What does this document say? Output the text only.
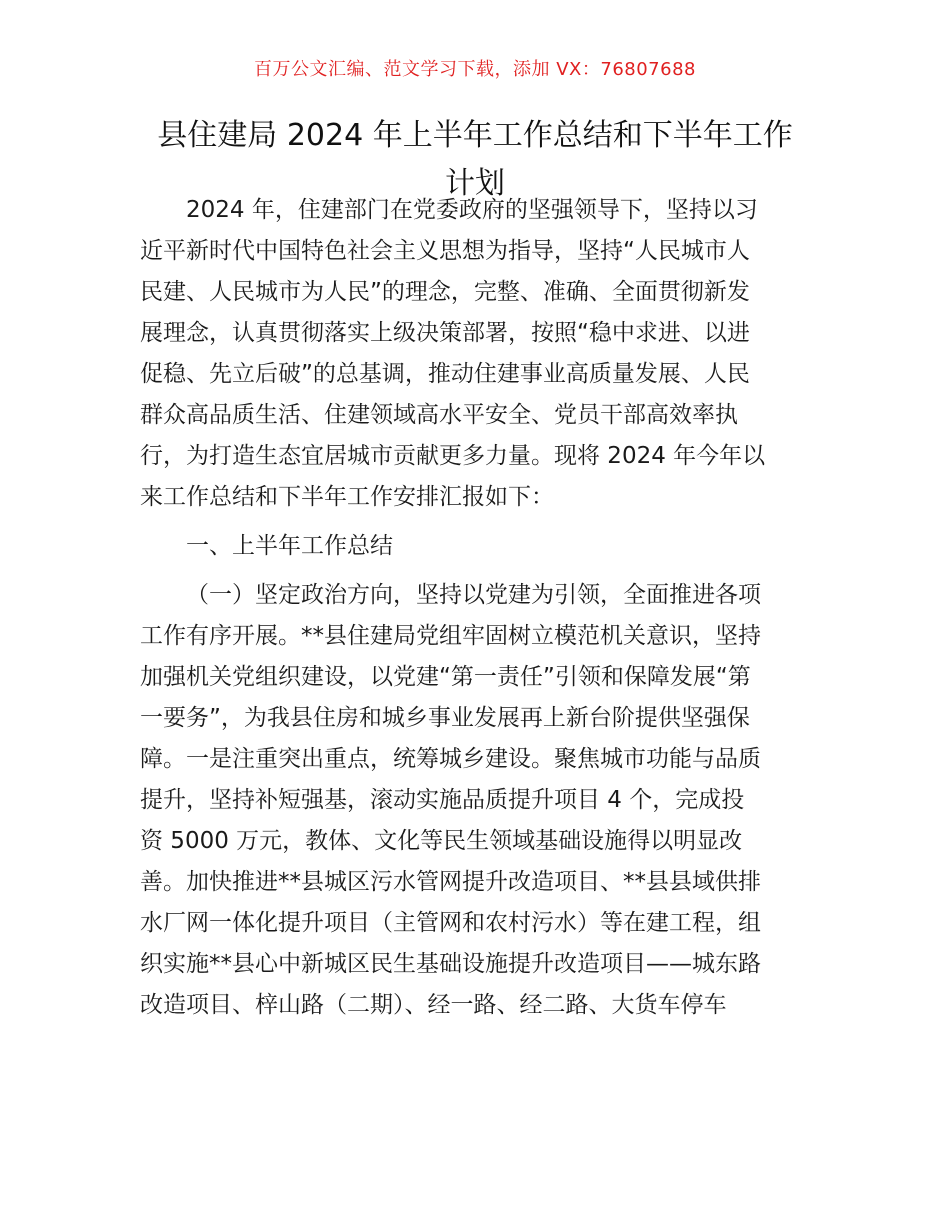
百万公文汇编、范文学习下载，添加 VX：76807688
县住建局 2024 年上半年工作总结和下半年工作
计划

2024 年，住建部门在党委政府的坚强领导下，坚持以习
近平新时代中国特色社会主义思想为指导，坚持“人民城市人
民建、人民城市为人民”的理念，完整、准确、全面贯彻新发
展理念，认真贯彻落实上级决策部署，按照“稳中求进、以进
促稳、先立后破”的总基调，推动住建事业高质量发展、人民
群众高品质生活、住建领域高水平安全、党员干部高效率执
行，为打造生态宜居城市贡献更多力量。现将 2024 年今年以
来工作总结和下半年工作安排汇报如下：

一、上半年工作总结

（一）坚定政治方向，坚持以党建为引领，全面推进各项
工作有序开展。**县住建局党组牢固树立模范机关意识，坚持
加强机关党组织建设，以党建“第一责任”引领和保障发展“第
一要务”，为我县住房和城乡事业发展再上新台阶提供坚强保
障。一是注重突出重点，统筹城乡建设。聚焦城市功能与品质
提升，坚持补短强基，滚动实施品质提升项目 4 个，完成投
资 5000 万元，教体、文化等民生领域基础设施得以明显改
善。加快推进**县城区污水管网提升改造项目、**县县域供排
水厂网一体化提升项目（主管网和农村污水）等在建工程，组
织实施**县心中新城区民生基础设施提升改造项目——城东路
改造项目、梓山路（二期）、经一路、经二路、大货车停车
